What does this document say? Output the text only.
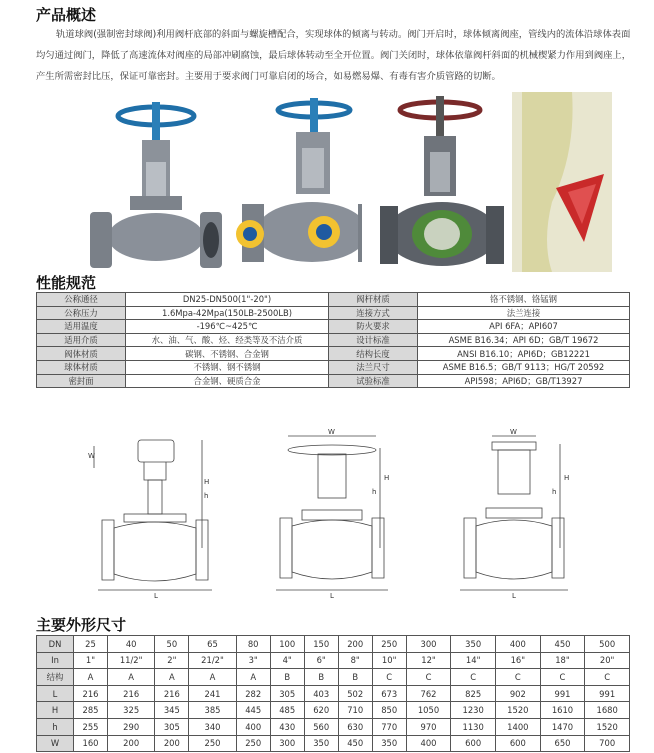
产品概述
轨道球阀(强制密封球阀)利用阀杆底部的斜面与螺旋槽配合，实现球体的倾离与转动。阀门开启时，球体倾离阀座，管线内的流体沿球体表面均匀通过阀门，降低了高速流体对阀座的局部冲刷腐蚀，最后球体转动至全开位置。阀门关闭时，球体依靠阀杆斜面的机械楔紧力作用到阀座上，产生所需密封比压，保证可靠密封。主要用于要求阀门可靠启闭的场合，如易燃易爆、有毒有害介质管路的切断。
性能规范
公称通径	DN25-DN500(1"-20")	阀杆材质	铬不锈钢、铬锰钢
公称压力	1.6Mpa-42Mpa(150LB-2500LB)	连接方式	法兰连接
适用温度	-196℃~425℃	防火要求	API 6FA；API607
适用介质	水、油、气、酸、烃、经类等及不洁介质	设计标准	ASME B16.34；API 6D；GB/T 19672
阀体材质	碳钢、不锈钢、合金钢	结构长度	ANSI B16.10；API6D；GB12221
球体材质	不锈钢、钢不锈钢	法兰尺寸	ASME B16.5；GB/T 9113；HG/T 20592
密封面	合金钢、硬质合金	试验标准	API598；API6D；GB/T13927
W
H
h
L
W
H
h
L
W
H
h
L
主要外形尺寸
DN	25	40	50	65	80	100	150	200	250	300	350	400	450	500
In	1"	11/2"	2"	21/2"	3"	4"	6"	8"	10"	12"	14"	16"	18"	20"
结构	A	A	A	A	A	B	B	B	C	C	C	C	C	C
L	216	216	216	241	282	305	403	502	673	762	825	902	991	991
H	285	325	345	385	445	485	620	710	850	1050	1230	1520	1610	1680
h	255	290	305	340	400	430	560	630	770	970	1130	1400	1470	1520
W	160	200	200	250	250	300	350	450	350	400	600	600	650	700
